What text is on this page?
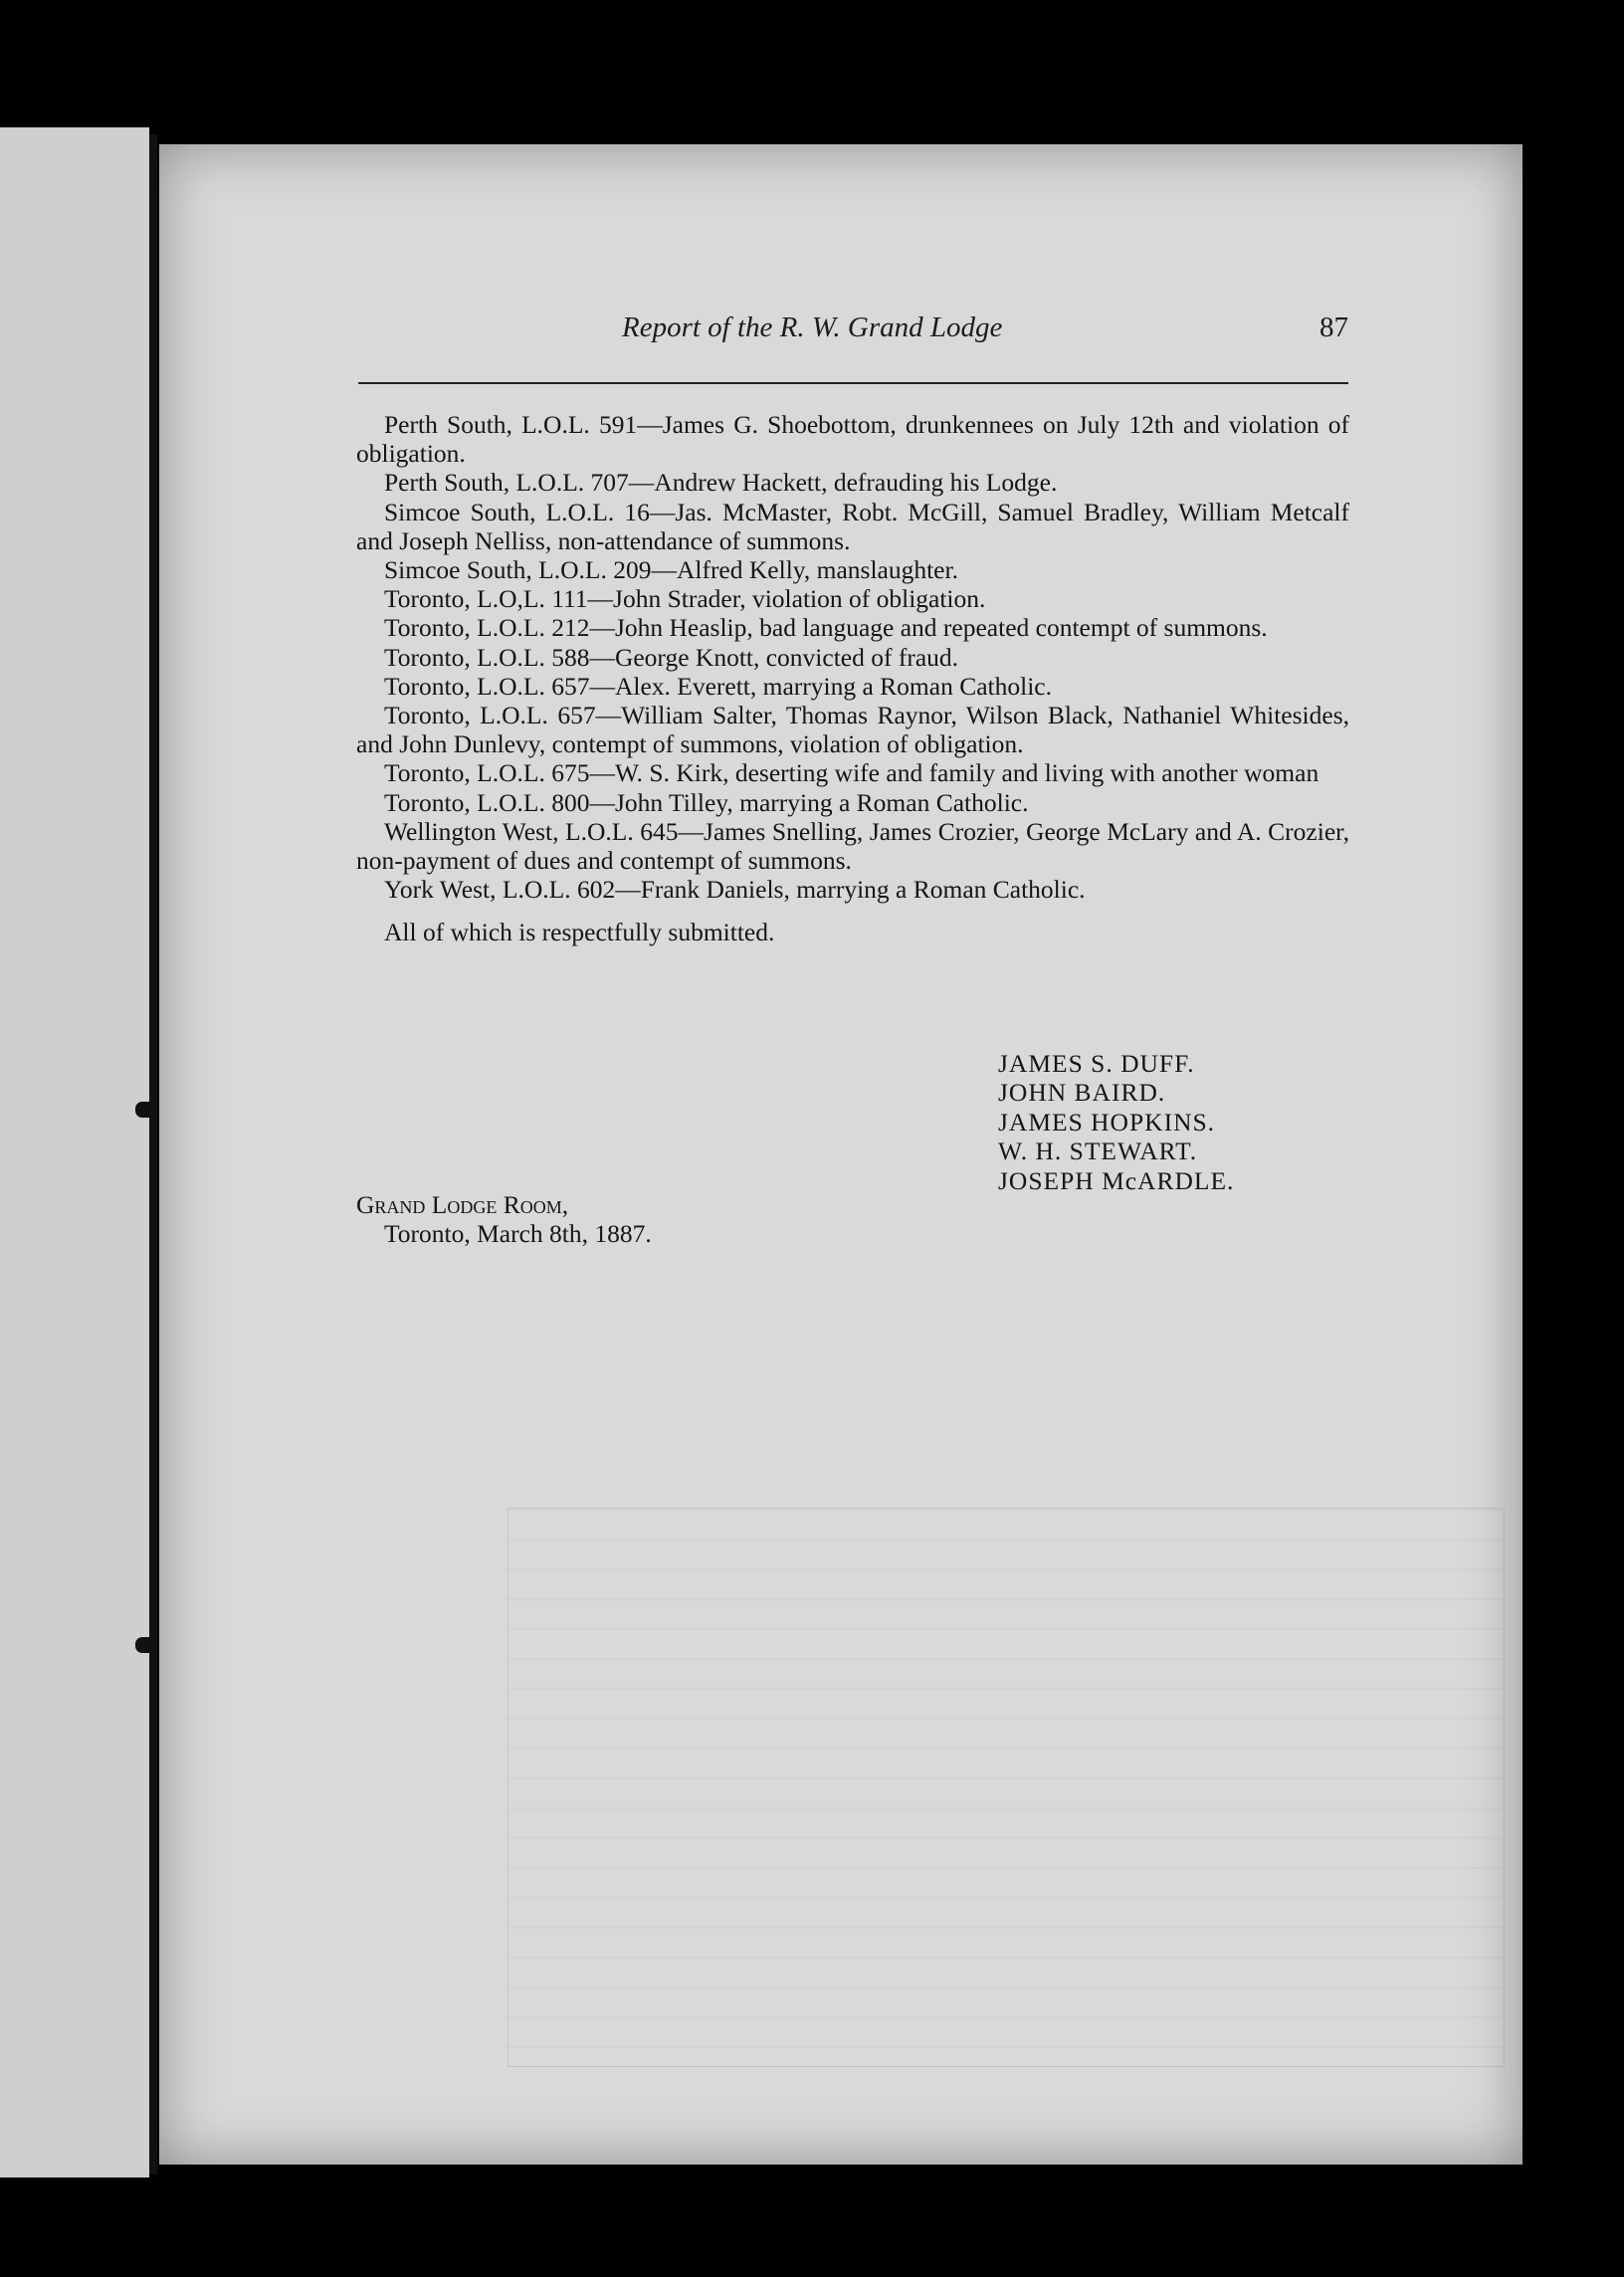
Report of the R. W. Grand Lodge	87

Perth South, L.O.L. 591—James G. Shoebottom, drunkennees on July 12th and violation of obligation.

Perth South, L.O.L. 707—Andrew Hackett, defrauding his Lodge.

Simcoe South, L.O.L. 16—Jas. McMaster, Robt. McGill, Samuel Bradley, William Metcalf and Joseph Nelliss, non-attendance of summons.

Simcoe South, L.O.L. 209—Alfred Kelly, manslaughter.

Toronto, L.O,L. 111—John Strader, violation of obligation.

Toronto, L.O.L. 212—John Heaslip, bad language and repeated contempt of summons.

Toronto, L.O.L. 588—George Knott, convicted of fraud.

Toronto, L.O.L. 657—Alex. Everett, marrying a Roman Catholic.

Toronto, L.O.L. 657—William Salter, Thomas Raynor, Wilson Black, Nathaniel Whitesides, and John Dunlevy, contempt of summons, violation of obligation.

Toronto, L.O.L. 675—W. S. Kirk, deserting wife and family and living with another woman

Toronto, L.O.L. 800—John Tilley, marrying a Roman Catholic.

Wellington West, L.O.L. 645—James Snelling, James Crozier, George McLary and A. Crozier, non-payment of dues and contempt of summons.

York West, L.O.L. 602—Frank Daniels, marrying a Roman Catholic.

All of which is respectfully submitted.

JAMES S. DUFF.

JOHN BAIRD.

JAMES HOPKINS.

W. H. STEWART.

JOSEPH McARDLE.

Grand Lodge Room,

Toronto, March 8th, 1887.
